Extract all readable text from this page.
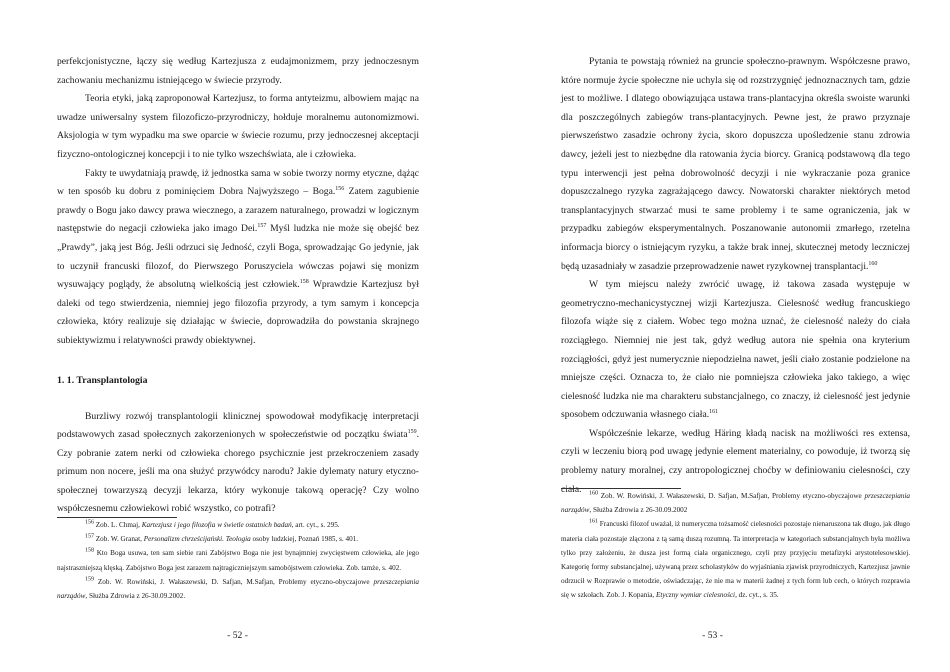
perfekcjonistyczne, łączy się według Kartezjusza z eudajmonizmem, przy jednoczesnym zachowaniu mechanizmu istniejącego w świecie przyrody.

Teoria etyki, jaką zaproponował Kartezjusz, to forma antyteizmu, albowiem mając na uwadze uniwersalny system filozoficzo-przyrodniczy, hołduje moralnemu autonomizmowi. Aksjologia w tym wypadku ma swe oparcie w świecie rozumu, przy jednoczesnej akceptacji fizyczno-ontologicznej koncepcji i to nie tylko wszechświata, ale i człowieka.

Fakty te uwydatniają prawdę, iż jednostka sama w sobie tworzy normy etyczne, dążąc w ten sposób ku dobru z pominięciem Dobra Najwyższego – Boga.$^{156}$ Zatem zagubienie prawdy o Bogu jako dawcy prawa wiecznego, a zarazem naturalnego, prowadzi w logicznym następstwie do negacji człowieka jako imago Dei.$^{157}$ Myśl ludzka nie może się obejść bez „Prawdy”, jaką jest Bóg. Jeśli odrzuci się Jedność, czyli Boga, sprowadzając Go jedynie, jak to uczynił francuski filozof, do Pierwszego Poruszyciela wówczas pojawi się monizm wysuwający poglądy, że absolutną wielkością jest człowiek.$^{158}$ Wprawdzie Kartezjusz był daleki od tego stwierdzenia, niemniej jego filozofia przyrody, a tym samym i koncepcja człowieka, który realizuje się działając w świecie, doprowadziła do powstania skrajnego subiektywizmu i relatywności prawdy obiektywnej.

1. 1. Transplantologia

Burzliwy rozwój transplantologii klinicznej spowodował modyfikację interpretacji podstawowych zasad społecznych zakorzenionych w społeczeństwie od początku świata$^{159}$. Czy pobranie zatem nerki od człowieka chorego psychicznie jest przekroczeniem zasady primum non nocere, jeśli ma ona służyć przywódcy narodu? Jakie dylematy natury etyczno-społecznej towarzyszą decyzji lekarza, który wykonuje takową operację? Czy wolno współczesnemu człowiekowi robić wszystko, co potrafi?

$^{156}$ Zob. L. Chmaj, Kartezjusz i jego filozofia w świetle ostatnich badań, art. cyt., s. 295.

$^{157}$ Zob. W. Granat, Personalizm chrześcijański. Teologia osoby ludzkiej, Poznań 1985, s. 401.

$^{158}$ Kto Boga usuwa, ten sam siebie rani Zabójstwo Boga nie jest bynajmniej zwycięstwem człowieka, ale jego najstraszniejszą klęską. Zabójstwo Boga jest zarazem najtragiczniejszym samobójstwem człowieka. Zob. tamże, s. 402.

$^{159}$ Zob. W. Rowiński, J. Wałaszewski, D. Safjan, M.Safjan, Problemy etyczno-obyczajowe przeszczepiania narządów, Służba Zdrowia z 26-30.09.2002.

- 52 -

Pytania te powstają również na gruncie społeczno-prawnym. Współczesne prawo, które normuje życie społeczne nie uchyla się od rozstrzygnięć jednoznacznych tam, gdzie jest to możliwe. I dlatego obowiązująca ustawa trans-plantacyjna określa swoiste warunki dla poszczególnych zabiegów trans-plantacyjnych. Pewne jest, że prawo przyznaje pierwszeństwo zasadzie ochrony życia, skoro dopuszcza upośledzenie stanu zdrowia dawcy, jeżeli jest to niezbędne dla ratowania życia biorcy. Granicą podstawową dla tego typu interwencji jest pełna dobrowolność decyzji i nie wykraczanie poza granice dopuszczalnego ryzyka zagrażającego dawcy. Nowatorski charakter niektórych metod transplantacyjnych stwarzać musi te same problemy i te same ograniczenia, jak w przypadku zabiegów eksperymentalnych. Poszanowanie autonomii zmarłego, rzetelna informacja biorcy o istniejącym ryzyku, a także brak innej, skutecznej metody leczniczej będą uzasadniały w zasadzie przeprowadzenie nawet ryzykownej transplantacji.$^{160}$

W tym miejscu należy zwrócić uwagę, iż takowa zasada występuje w geometryczno-mechanicystycznej wizji Kartezjusza. Cielesność według francuskiego filozofa wiąże się z ciałem. Wobec tego można uznać, że cielesność należy do ciała rozciągłego. Niemniej nie jest tak, gdyż według autora nie spełnia ona kryterium rozciągłości, gdyż jest numerycznie niepodzielna nawet, jeśli ciało zostanie podzielone na mniejsze części. Oznacza to, że ciało nie pomniejsza człowieka jako takiego, a więc cielesność ludzka nie ma charakteru substancjalnego, co znaczy, iż cielesność jest jedynie sposobem odczuwania własnego ciała.$^{161}$

Współcześnie lekarze, według Häring kładą nacisk na możliwości res extensa, czyli w leczeniu biorą pod uwagę jedynie element materialny, co powoduje, iż tworzą się problemy natury moralnej, czy antropologicznej choćby w definiowaniu cielesności, czy ciała.	$^{160}$ Zob. W. Rowiński, J. Wałaszewski, D. Safjan, M.Safjan, Problemy etyczno-obyczajowe przeszczepiania narządów, Służba Zdrowia z 26-30.09.2002

$^{161}$ Francuski filozof uważał, iż numeryczna tożsamość cielesności pozostaje nienaruszona tak długo, jak długo materia ciała pozostaje złączona z tą samą duszą rozumną. Ta interpretacja w kategoriach substancjalnych była możliwa tylko przy założeniu, że dusza jest formą ciała organicznego, czyli przy przyjęciu metafizyki arystotelesowskiej. Kategorię formy substancjalnej, używaną przez scholastyków do wyjaśniania zjawisk przyrodniczych, Kartezjusz jawnie odrzucił w Rozprawie o metodzie, oświadczając, że nie ma w materii żadnej z tych form lub cech, o których rozprawia się w szkołach. Zob. J. Kopania, Etyczny wymiar cielesności, dz. cyt., s. 35.

- 53 -
